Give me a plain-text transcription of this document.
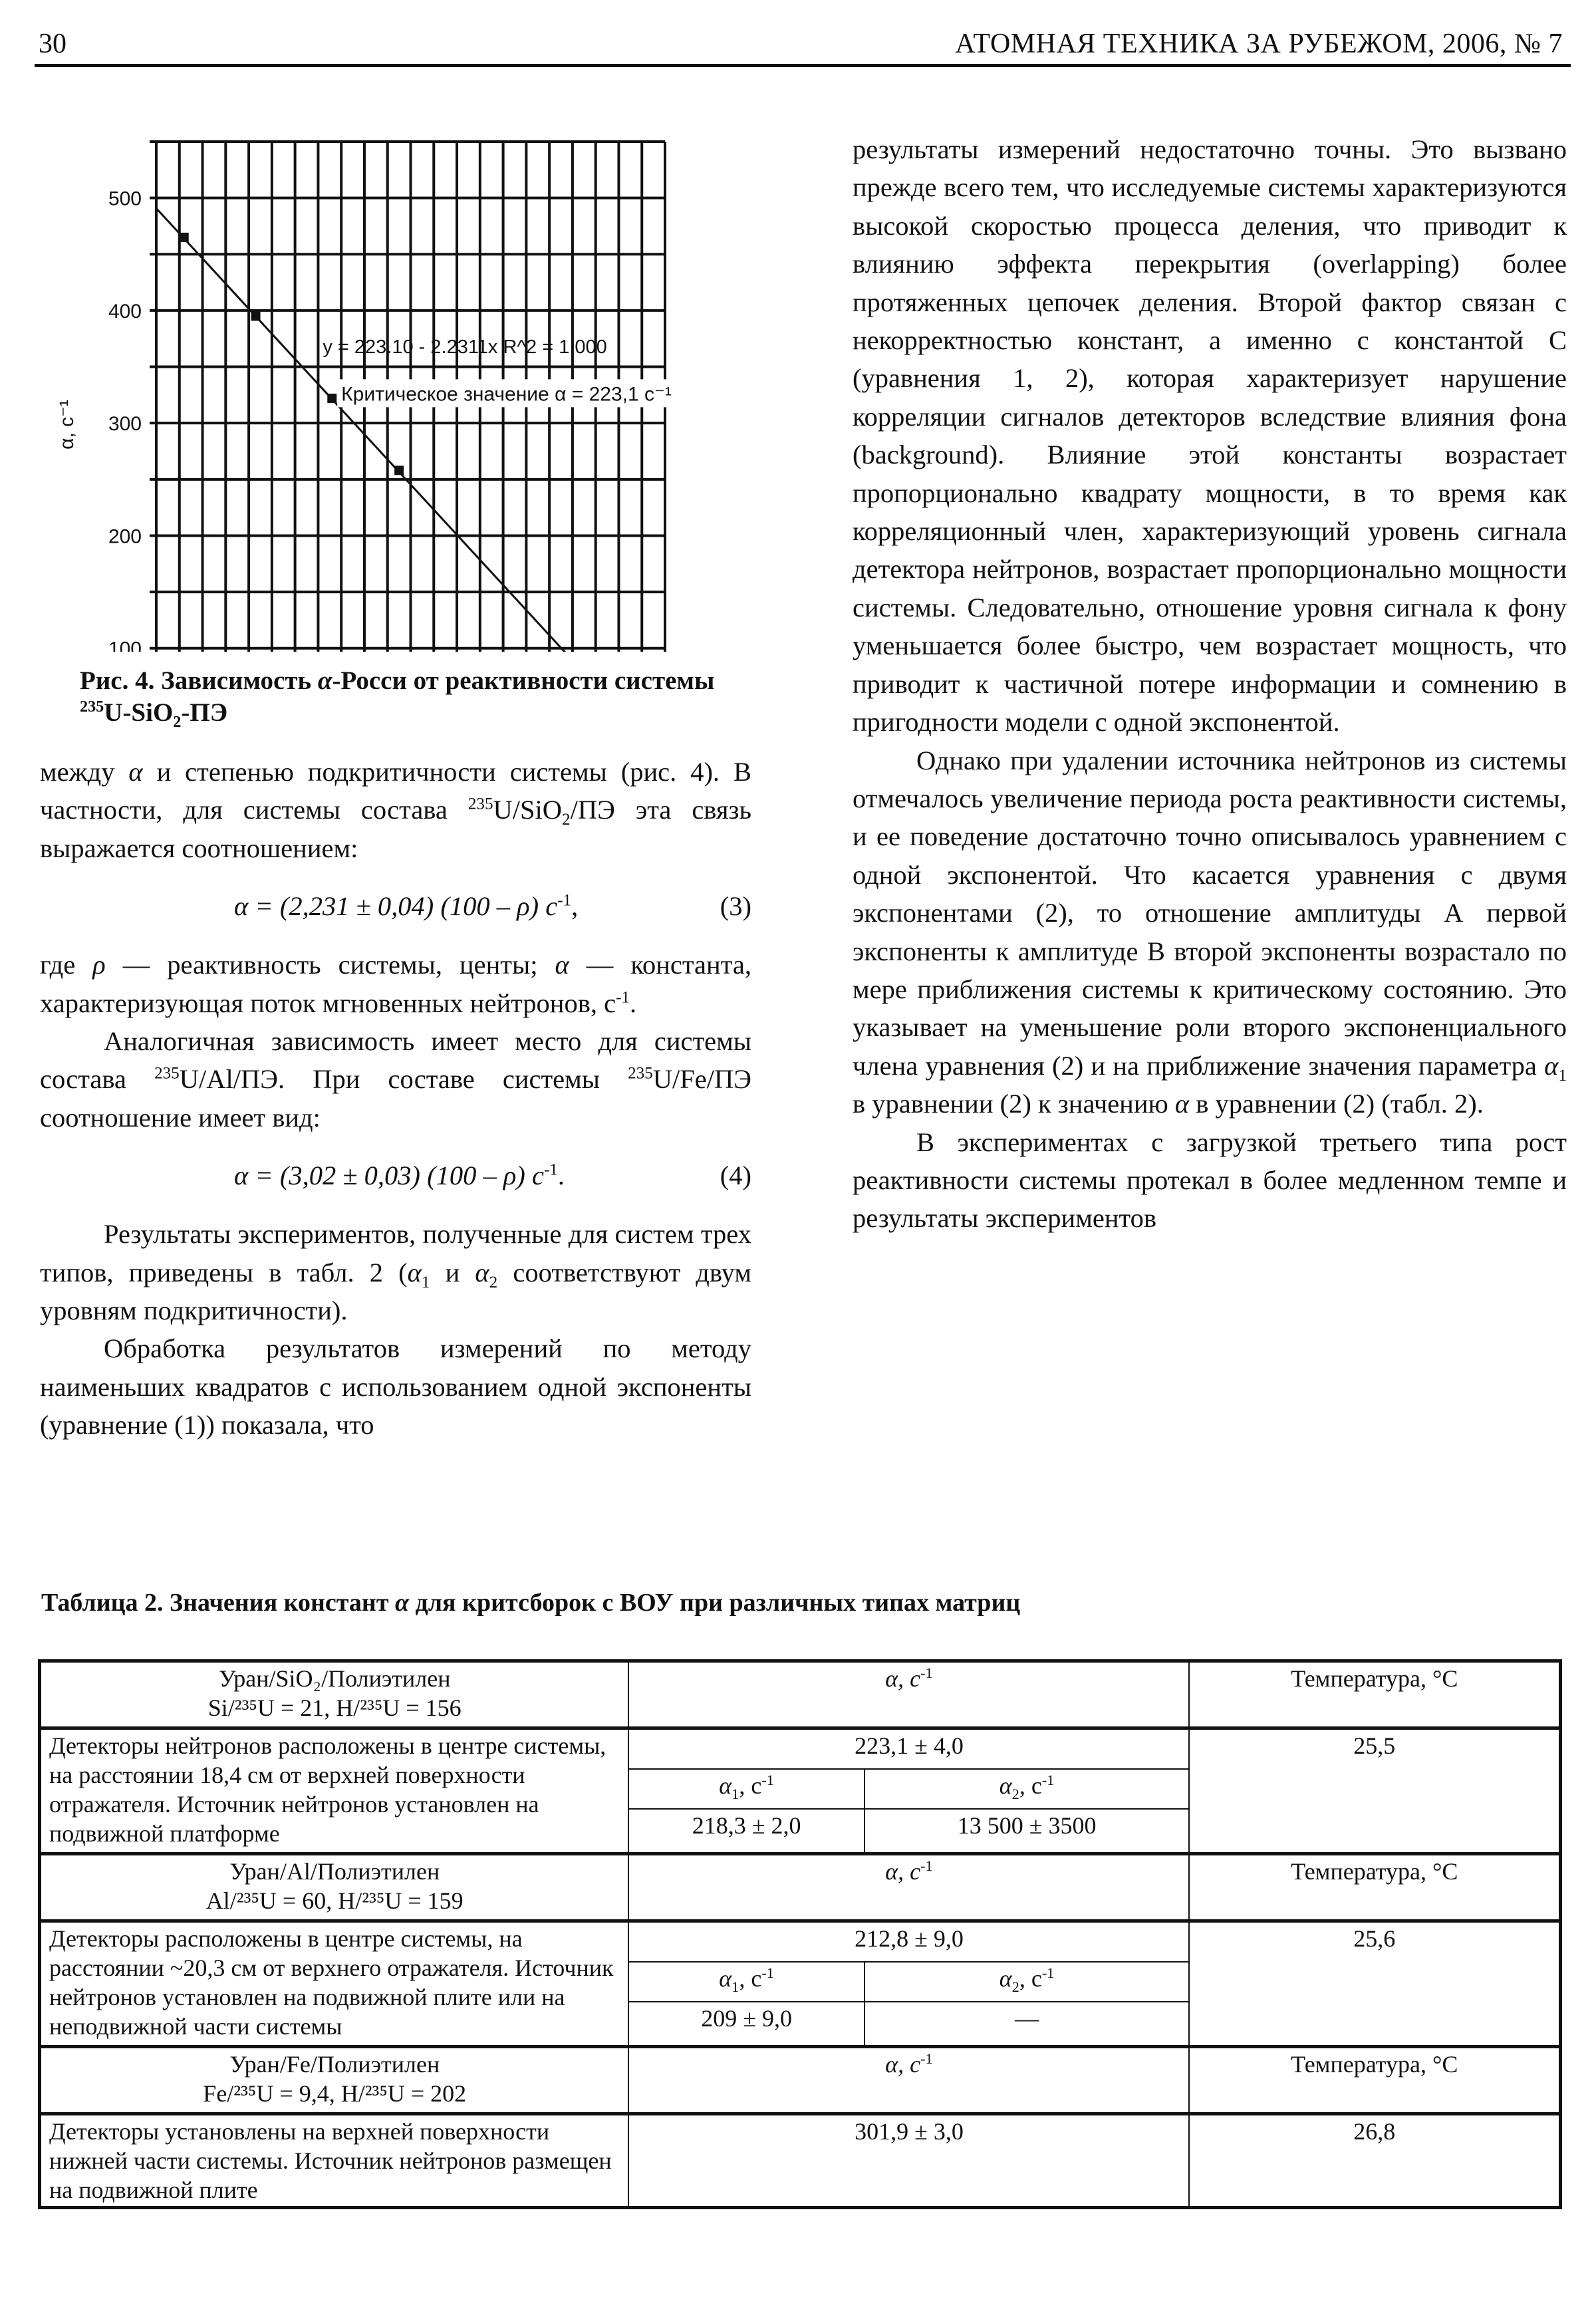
30	АТОМНАЯ ТЕХНИКА ЗА РУБЕЖОМ, 2006, № 7
100
200
300
400
500
α, c⁻¹
y = 223.10 - 2.2311x R^2 = 1.000
Критическое значение α = 223,1 с⁻¹
Рис. 4. Зависимость α-Росси от реактивности системы
$^{235}$U-SiO$_2$-ПЭ

между α и степенью подкритичности системы (рис. 4). В частности, для системы состава $^{235}$U/SiO$_2$/ПЭ эта связь выражается соотношением:

α = (2,231 ± 0,04) (100 – ρ) $c^{-1}$,	(3)

где ρ — реактивность системы, центы; α — константа, характеризующая поток мгновенных нейтронов, $c^{-1}$.

Аналогичная зависимость имеет место для системы состава $^{235}$U/Al/ПЭ. При составе системы $^{235}$U/Fe/ПЭ соотношение имеет вид:

α = (3,02 ± 0,03) (100 – ρ) $c^{-1}$.	(4)

Результаты экспериментов, полученные для систем трех типов, приведены в табл. 2 ($\alpha_1$ и $\alpha_2$ соответствуют двум уровням подкритичности).

Обработка результатов измерений по методу наименьших квадратов с использованием одной экспоненты (уравнение (1)) показала, что

результаты измерений недостаточно точны. Это вызвано прежде всего тем, что исследуемые системы характеризуются высокой скоростью процесса деления, что приводит к влиянию эффекта перекрытия (overlapping) более протяженных цепочек деления. Второй фактор связан с некорректностью констант, а именно с константой С (уравнения 1, 2), которая характеризует нарушение корреляции сигналов детекторов вследствие влияния фона (background). Влияние этой константы возрастает пропорционально квадрату мощности, в то время как корреляционный член, характеризующий уровень сигнала детектора нейтронов, возрастает пропорционально мощности системы. Следовательно, отношение уровня сигнала к фону уменьшается более быстро, чем возрастает мощность, что приводит к частичной потере информации и сомнению в пригодности модели с одной экспонентой.

Однако при удалении источника нейтронов из системы отмечалось увеличение периода роста реактивности системы, и ее поведение достаточно точно описывалось уравнением с одной экспонентой. Что касается уравнения с двумя экспонентами (2), то отношение амплитуды А первой экспоненты к амплитуде В второй экспоненты возрастало по мере приближения системы к критическому состоянию. Это указывает на уменьшение роли второго экспоненциального члена уравнения (2) и на приближение значения параметра $\alpha_1$ в уравнении (2) к значению α в уравнении (2) (табл. 2).

В экспериментах с загрузкой третьего типа рост реактивности системы протекал в более медленном темпе и результаты экспериментов

Таблица 2. Значения констант α для критсборок с ВОУ при различных типах матриц
Уран/SiO₂/Полиэтилен
Si/²³⁵U = 21, H/²³⁵U = 156	α, $c^{-1}$		Температура, °C
Детекторы нейтронов расположены в центре системы, на расстоянии 18,4 см от верхней поверхности отражателя. Источник нейтронов установлен на подвижной платформе	223,1 ± 4,0		25,5
	$\alpha_1$, $c^{-1}$	$\alpha_2$, $c^{-1}$
	218,3 ± 2,0	13 500 ± 3500	
Уран/Al/Полиэтилен
Al/²³⁵U = 60, H/²³⁵U = 159	α, $c^{-1}$		Температура, °C
Детекторы расположены в центре системы, на расстоянии ~20,3 см от верхнего отражателя. Источник нейтронов установлен на подвижной плите или на неподвижной части системы	212,8 ± 9,0		25,6
	$\alpha_1$, $c^{-1}$	$\alpha_2$, $c^{-1}$
	209 ± 9,0	—	
Уран/Fe/Полиэтилен
Fe/²³⁵U = 9,4, H/²³⁵U = 202	α, $c^{-1}$		Температура, °C
Детекторы установлены на верхней поверхности нижней части системы. Источник нейтронов размещен на подвижной плите	301,9 ± 3,0		26,8
